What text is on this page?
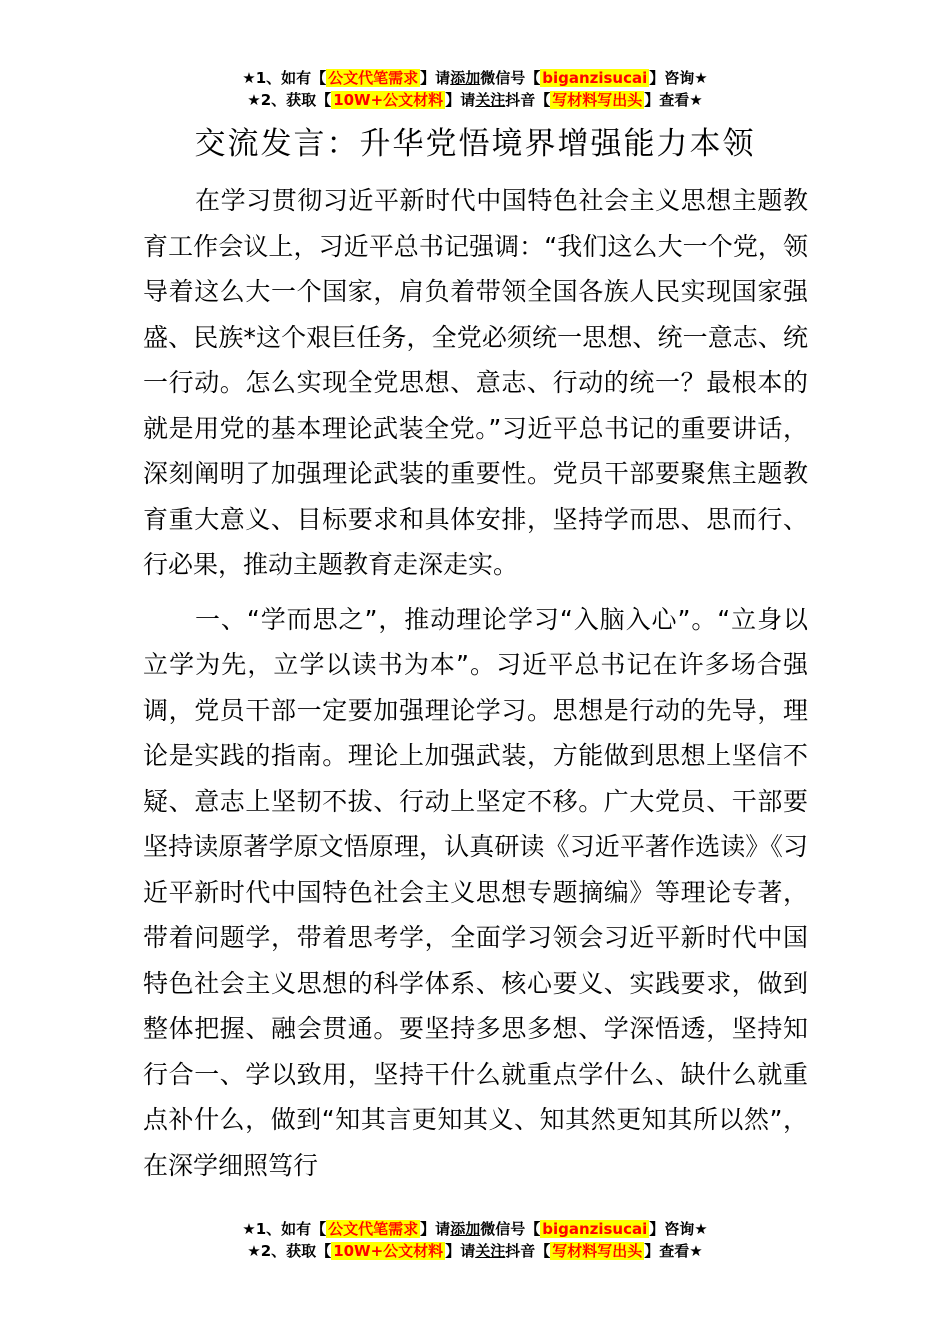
★1、如有【 公文代笔需求 】请添加微信号【 biganzisucai 】咨询★
★2、获取【 10W+公文材料 】请关注抖音【 写材料写出头 】查看★
交流发言：升华党悟境界增强能力本领

在学习贯彻习近平新时代中国特色社会主义思想主题教育工作会议上，习近平总书记强调：“我们这么大一个党，领导着这么大一个国家，肩负着带领全国各族人民实现国家强盛、民族*这个艰巨任务，全党必须统一思想、统一意志、统一行动。怎么实现全党思想、意志、行动的统一？最根本的就是用党的基本理论武装全党。”习近平总书记的重要讲话，深刻阐明了加强理论武装的重要性。党员干部要聚焦主题教育重大意义、目标要求和具体安排，坚持学而思、思而行、行必果，推动主题教育走深走实。

一、“学而思之”，推动理论学习“入脑入心”。“立身以立学为先，立学以读书为本”。习近平总书记在许多场合强调，党员干部一定要加强理论学习。思想是行动的先导，理论是实践的指南。理论上加强武装，方能做到思想上坚信不疑、意志上坚韧不拔、行动上坚定不移。广大党员、干部要坚持读原著学原文悟原理，认真研读《习近平著作选读》《习近平新时代中国特色社会主义思想专题摘编》等理论专著，带着问题学，带着思考学，全面学习领会习近平新时代中国特色社会主义思想的科学体系、核心要义、实践要求，做到整体把握、融会贯通。要坚持多思多想、学深悟透，坚持知行合一、学以致用，坚持干什么就重点学什么、缺什么就重点补什么，做到“知其言更知其义、知其然更知其所以然”，在深学细照笃行

★1、如有【 公文代笔需求 】请添加微信号【 biganzisucai 】咨询★
★2、获取【 10W+公文材料 】请关注抖音【 写材料写出头 】查看★
